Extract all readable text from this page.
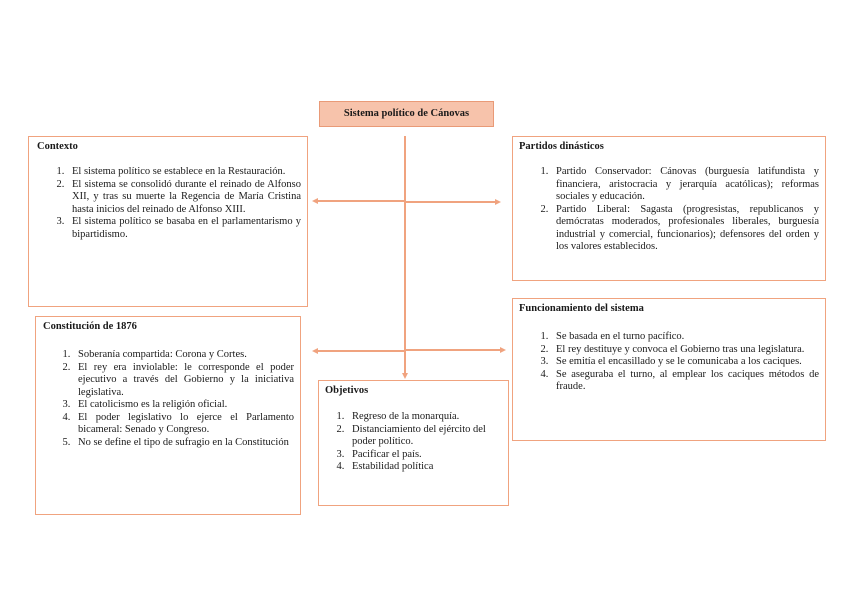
Sistema político de Cánovas

Contexto

1. El sistema político se establece en la Restauración.
2. El sistema se consolidó durante el reinado de Alfonso XII, y tras su muerte la Regencia de María Cristina hasta inicios del reinado de Alfonso XIII.
3. El sistema político se basaba en el parlamentarismo y bipartidismo.

Partidos dinásticos

1. Partido Conservador: Cánovas (burguesía latifundista y financiera, aristocracia y jerarquía acatólicas); reformas sociales y educación.
2. Partido Liberal: Sagasta (progresistas, republicanos y demócratas moderados, profesionales liberales, burguesía industrial y comercial, funcionarios); defensores del orden y los valores establecidos.

Constitución de 1876

1. Soberanía compartida: Corona y Cortes.
2. El rey era inviolable: le corresponde el poder ejecutivo a través del Gobierno y la iniciativa legislativa.
3. El catolicismo es la religión oficial.
4. El poder legislativo lo ejerce el Parlamento bicameral: Senado y Congreso.
5. No se define el tipo de sufragio en la Constitución

Funcionamiento del sistema

1. Se basada en el turno pacífico.
2. El rey destituye y convoca el Gobierno tras una legislatura.
3. Se emitía el encasillado y se le comunicaba a los caciques.
4. Se aseguraba el turno, al emplear los caciques métodos de fraude.

Objetivos

1. Regreso de la monarquía.
2. Distanciamiento del ejército del poder político.
3. Pacificar el país.
4. Estabilidad política
